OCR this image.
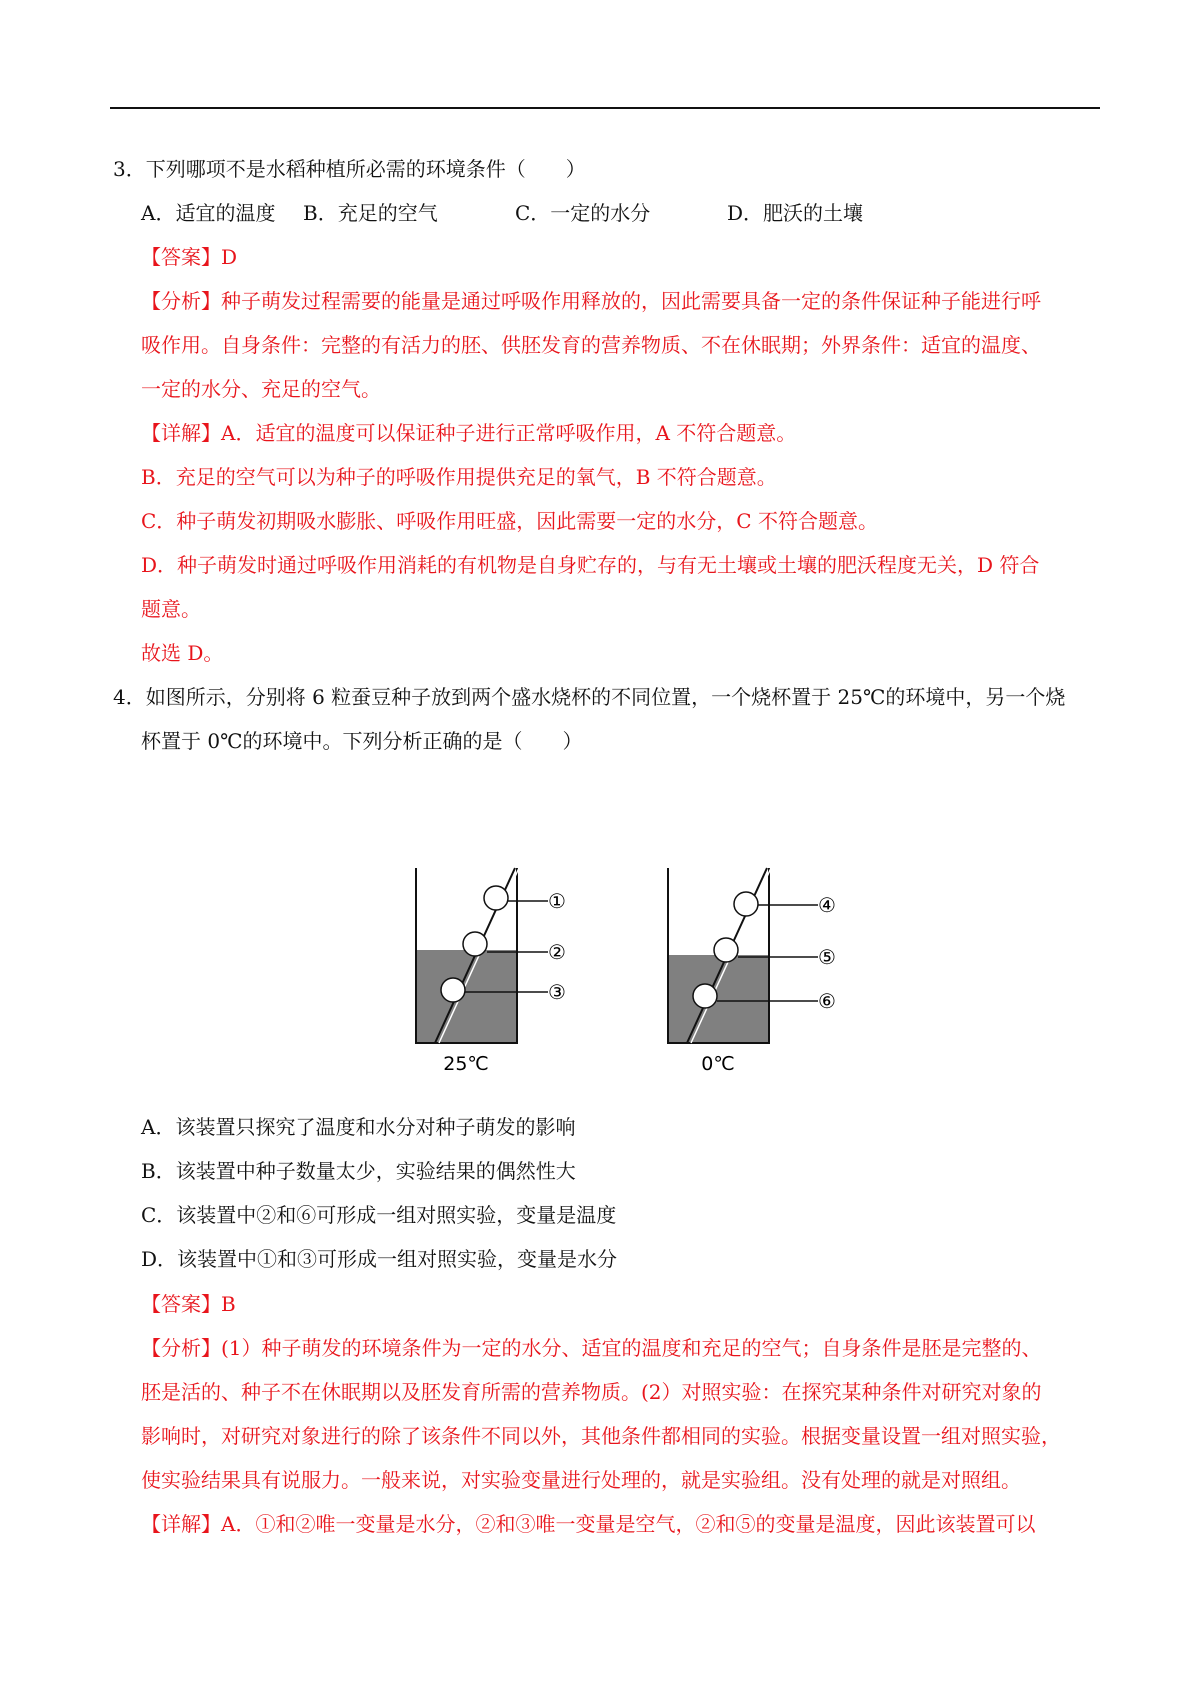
3．下列哪项不是水稻种植所必需的环境条件（　　）
A．适宜的温度 B．充足的空气	C．一定的水分	D．肥沃的土壤
【答案】D
【分析】种子萌发过程需要的能量是通过呼吸作用释放的，因此需要具备一定的条件保证种子能进行呼
吸作用。自身条件：完整的有活力的胚、供胚发育的营养物质、不在休眠期；外界条件：适宜的温度、
一定的水分、充足的空气。
【详解】A．适宜的温度可以保证种子进行正常呼吸作用，A 不符合题意。
B．充足的空气可以为种子的呼吸作用提供充足的氧气，B 不符合题意。
C．种子萌发初期吸水膨胀、呼吸作用旺盛，因此需要一定的水分，C 不符合题意。
D．种子萌发时通过呼吸作用消耗的有机物是自身贮存的，与有无土壤或土壤的肥沃程度无关，D 符合
题意。
故选 D。
4．如图所示，分别将 6 粒蚕豆种子放到两个盛水烧杯的不同位置，一个烧杯置于 25℃的环境中，另一个烧
杯置于 0℃的环境中。下列分析正确的是（　　）
①
②
③
25℃
④
⑤
⑥
0℃
A．该装置只探究了温度和水分对种子萌发的影响
B．该装置中种子数量太少，实验结果的偶然性大
C．该装置中②和⑥可形成一组对照实验，变量是温度
D．该装置中①和③可形成一组对照实验，变量是水分
【答案】B
【分析】(1）种子萌发的环境条件为一定的水分、适宜的温度和充足的空气；自身条件是胚是完整的、
胚是活的、种子不在休眠期以及胚发育所需的营养物质。(2）对照实验：在探究某种条件对研究对象的
影响时，对研究对象进行的除了该条件不同以外，其他条件都相同的实验。根据变量设置一组对照实验，
使实验结果具有说服力。一般来说，对实验变量进行处理的，就是实验组。没有处理的就是对照组。
【详解】A．①和②唯一变量是水分，②和③唯一变量是空气，②和⑤的变量是温度，因此该装置可以
